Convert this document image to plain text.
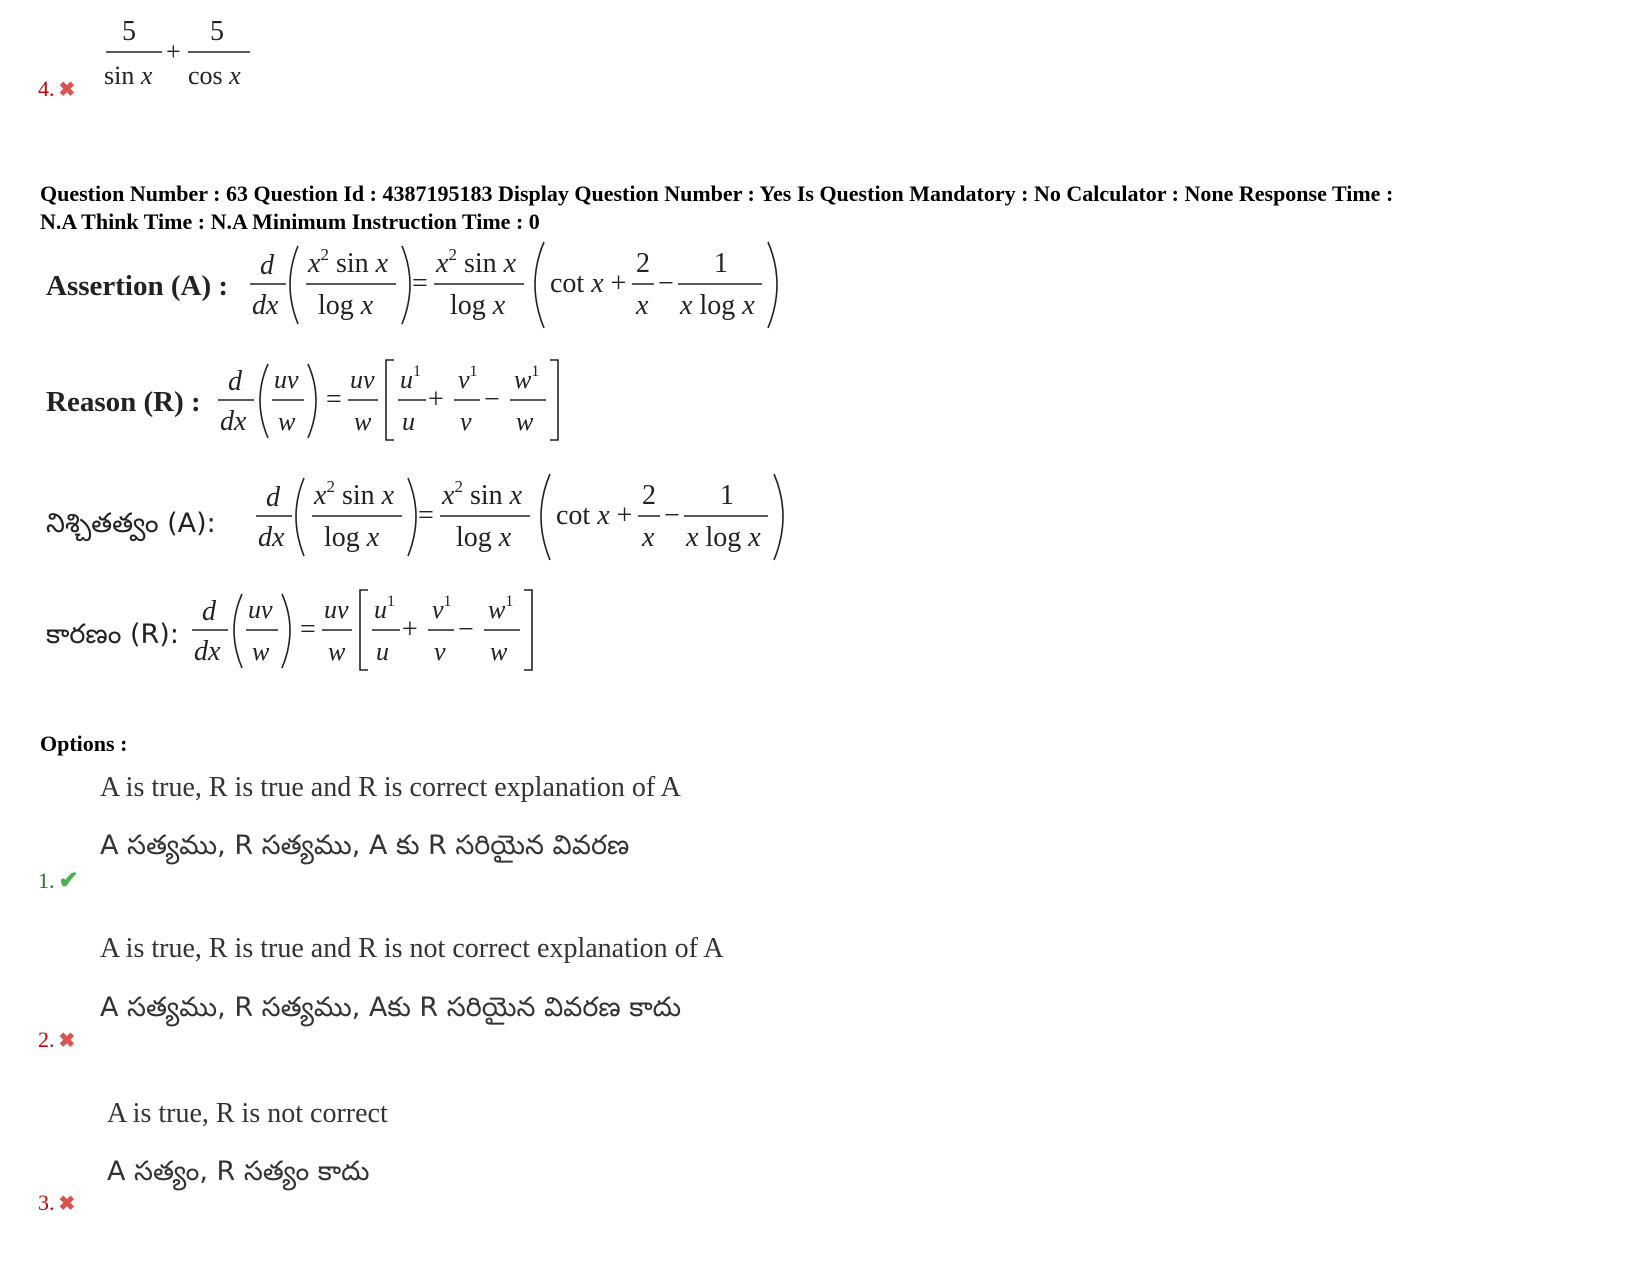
5
sin x
+
5
cos x
4. ✖
Question Number : 63 Question Id : 4387195183 Display Question Number : Yes Is Question Mandatory : No Calculator : None Response Time :
N.A Think Time : N.A Minimum Instruction Time : 0
Assertion (A) :
d
dx
$x^2$ sin x
log x
=
$x^2$ sin x
log x
cot x +
2
x
−
1
x log x
Reason (R) :
d
dx
uv
w
=
uv
w
$u^1$
u
+
$v^1$
v
−
$w^1$
w
నిశ్చితత్వం (A):
d
dx
$x^2$ sin x
log x
=
$x^2$ sin x
log x
cot x +
2
x
−
1
x log x
కారణం (R):
d
dx
uv
w
=
uv
w
$u^1$
u
+
$v^1$
v
−
$w^1$
w
Options :
A is true, R is true and R is correct explanation of A
A సత్యము, R సత్యము, A కు R సరియైన వివరణ
1. ✔
A is true, R is true and R is not correct explanation of A
A సత్యము, R సత్యము, Aకు R సరియైన వివరణ కాదు
2. ✖
A is true, R is not correct
A సత్యం, R సత్యం కాదు
3. ✖
